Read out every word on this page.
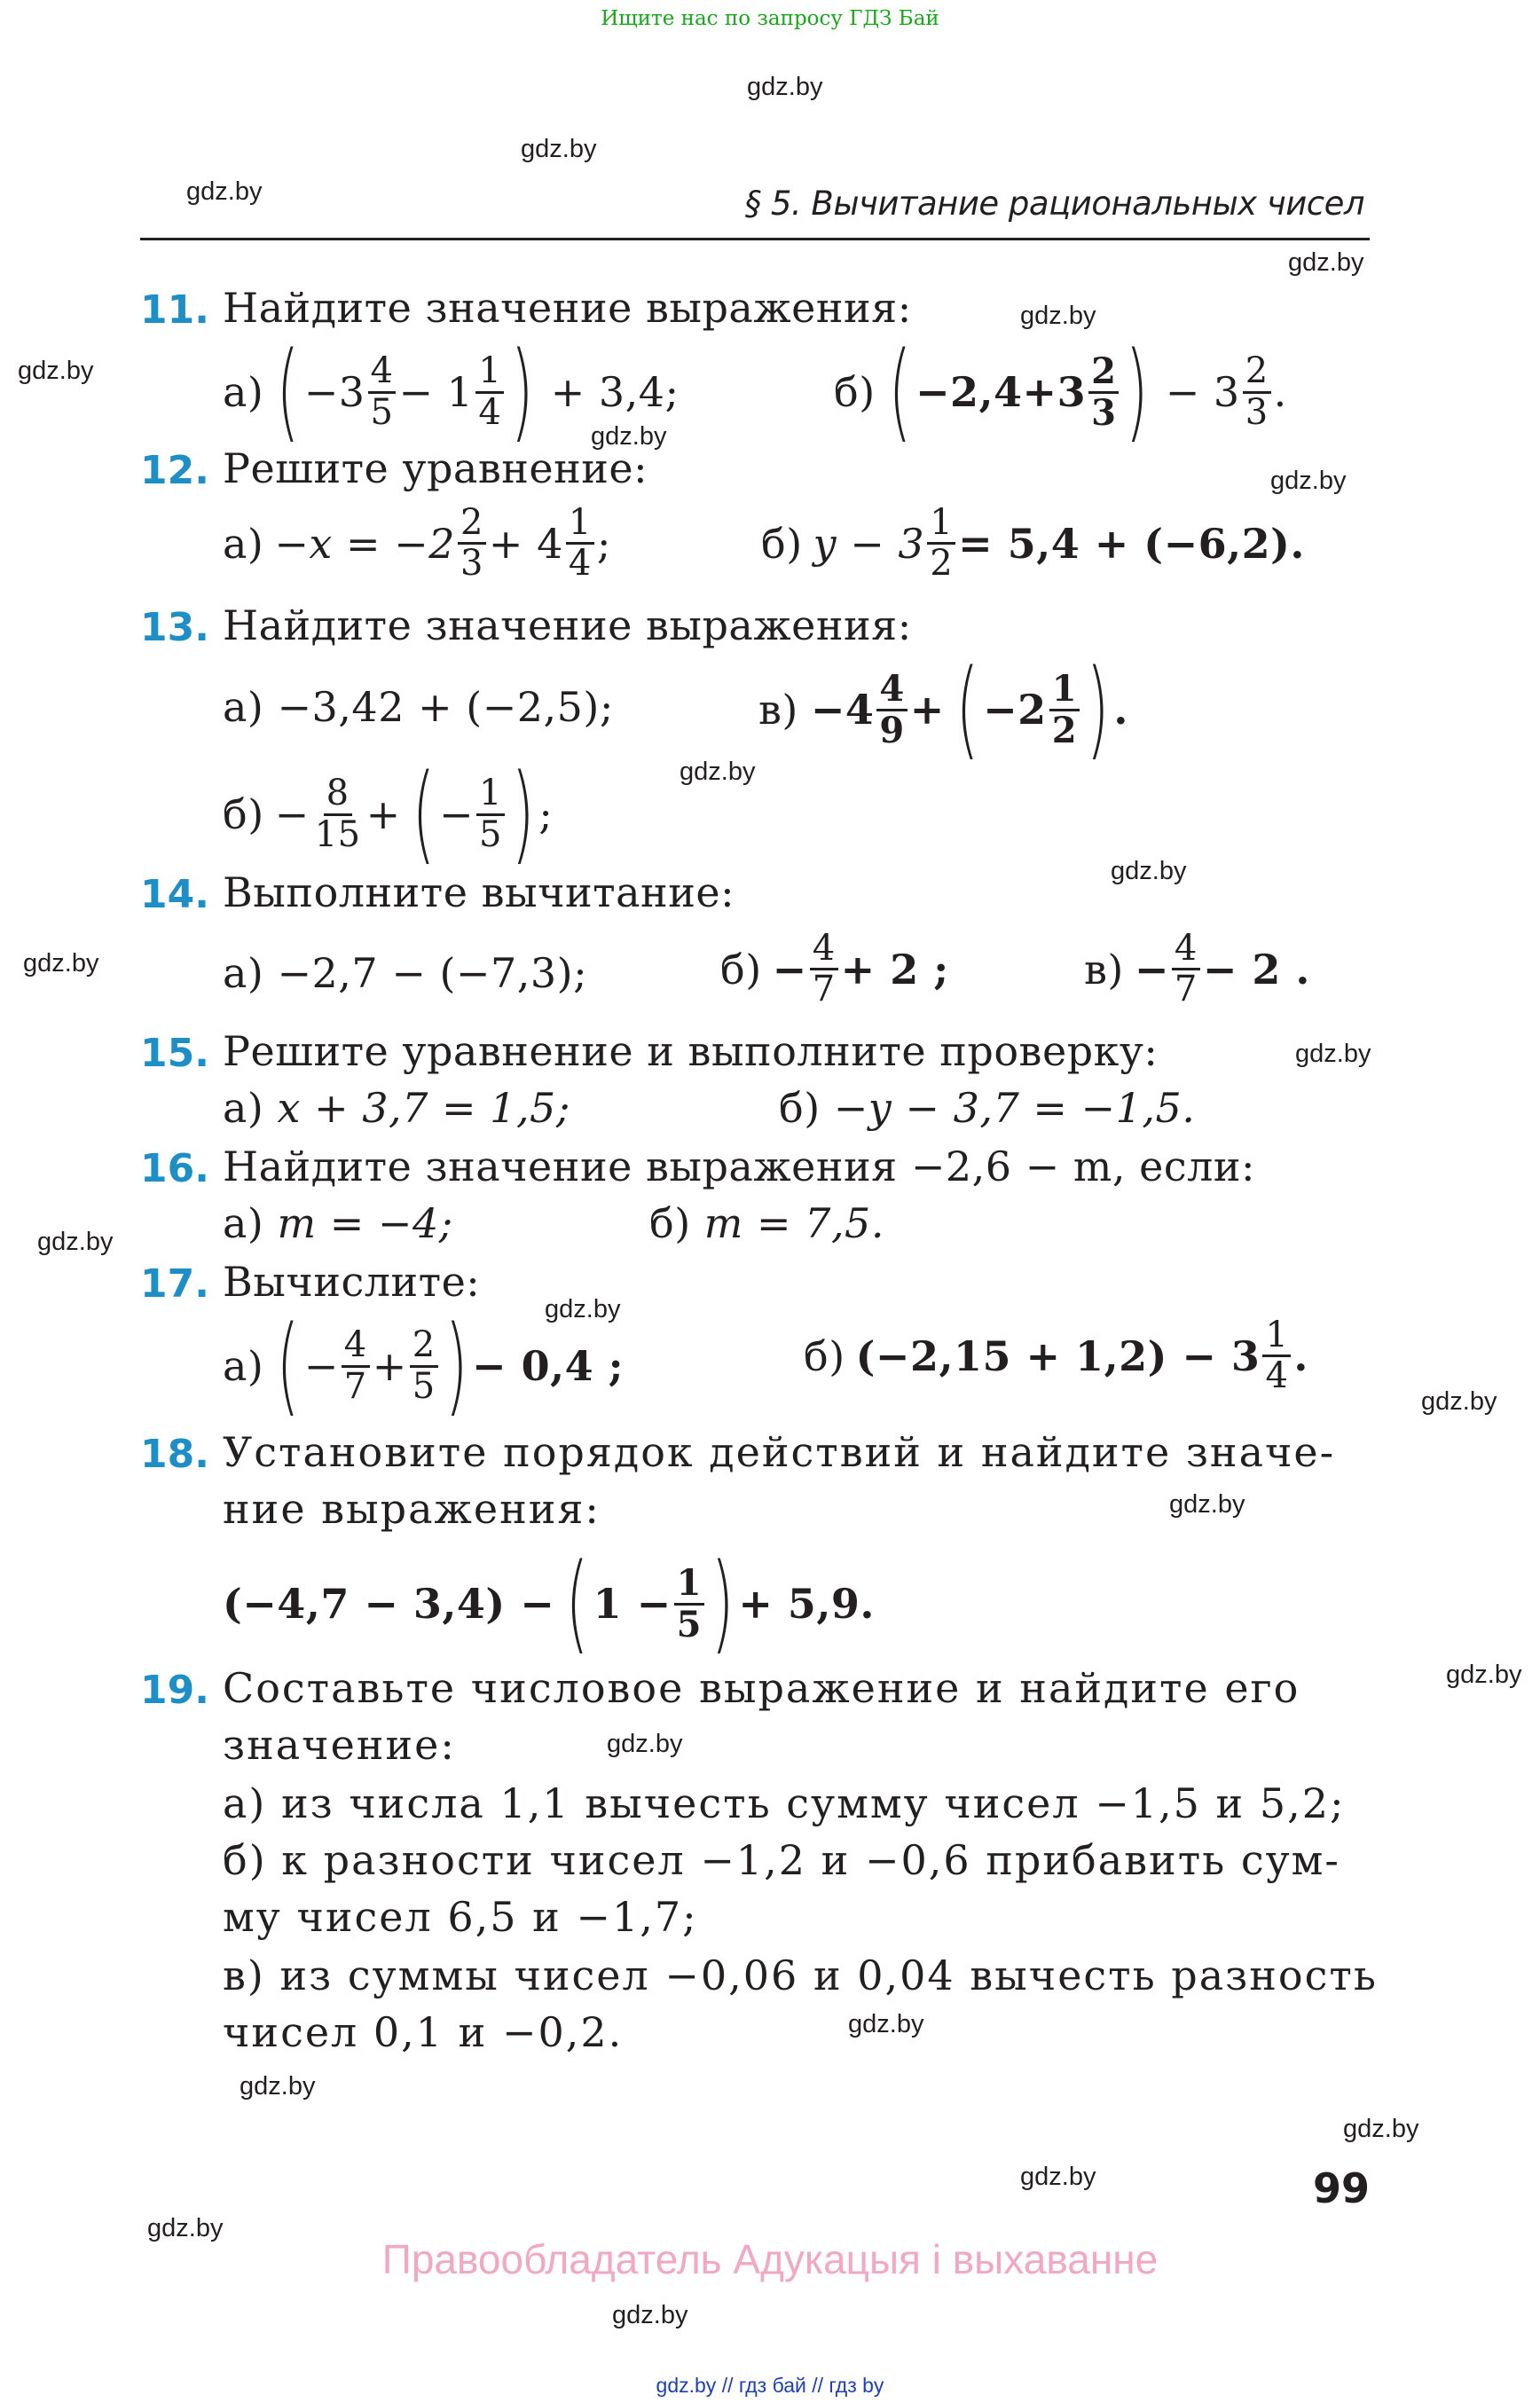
Ищите нас по запросу ГДЗ Бай
gdz.by
gdz.by
gdz.by
gdz.by
gdz.by
gdz.by
gdz.by
gdz.by
gdz.by
gdz.by
gdz.by
gdz.by
gdz.by
gdz.by
gdz.by
gdz.by
gdz.by
gdz.by
gdz.by
gdz.by
gdz.by
gdz.by
gdz.by
gdz.by
§ 5. Вычитание рациональных чисел
11. Найдите значение выражения:
а) ( $-3 \frac{4}{5} - 1 \frac{1}{4}$ ) + 3,4;	б) ( $-2,4+3 \frac{2}{3}$ ) − $3 \frac{2}{3}$ .
12. Решите уравнение:
$а) -x = -2 \frac{2}{3} + 4 \frac{1}{4}$ ;	б) $y - 3 \frac{1}{2} = 5,4 + (-6,2)$.
13. Найдите значение выражения:
а) −3,42 + (−2,5);	$в) -4 \frac{4}{9}$ + ( $-2 \frac{1}{2}$ ) .
$б) - \frac{8}{15}$ + ( − $\frac{1}{5}$ ) ;
14. Выполните вычитание:
а) −2,7 − (−7,3);	$б) - \frac{4}{7} + 2$ ;	$в) - \frac{4}{7} - 2$ .
15. Решите уравнение и выполните проверку:
а) x + 3,7 = 1,5;	б) −y − 3,7 = −1,5.
16. Найдите значение выражения −2,6 − m, если:
а) m = −4;	б) m = 7,5.
17. Вычислите:
а) ( − $\frac{4}{7} + \frac{2}{5}$ ) − 0,4 ;	б) $(-2,15 + 1,2) - 3 \frac{1}{4}$ .
18. Установите порядок действий и найдите значе-
ние выражения:
(−4,7 − 3,4) − ( $1 - \frac{1}{5}$ ) + 5,9.
19. Составьте числовое выражение и найдите его
значение:
а) из числа 1,1 вычесть сумму чисел −1,5 и 5,2;
б) к разности чисел −1,2 и −0,6 прибавить сум-
му чисел 6,5 и −1,7;
в) из суммы чисел −0,06 и 0,04 вычесть разность
чисел 0,1 и −0,2.
99
Правообладатель Адукацыя і выхаванне
gdz.by // гдз бай // гдз by
